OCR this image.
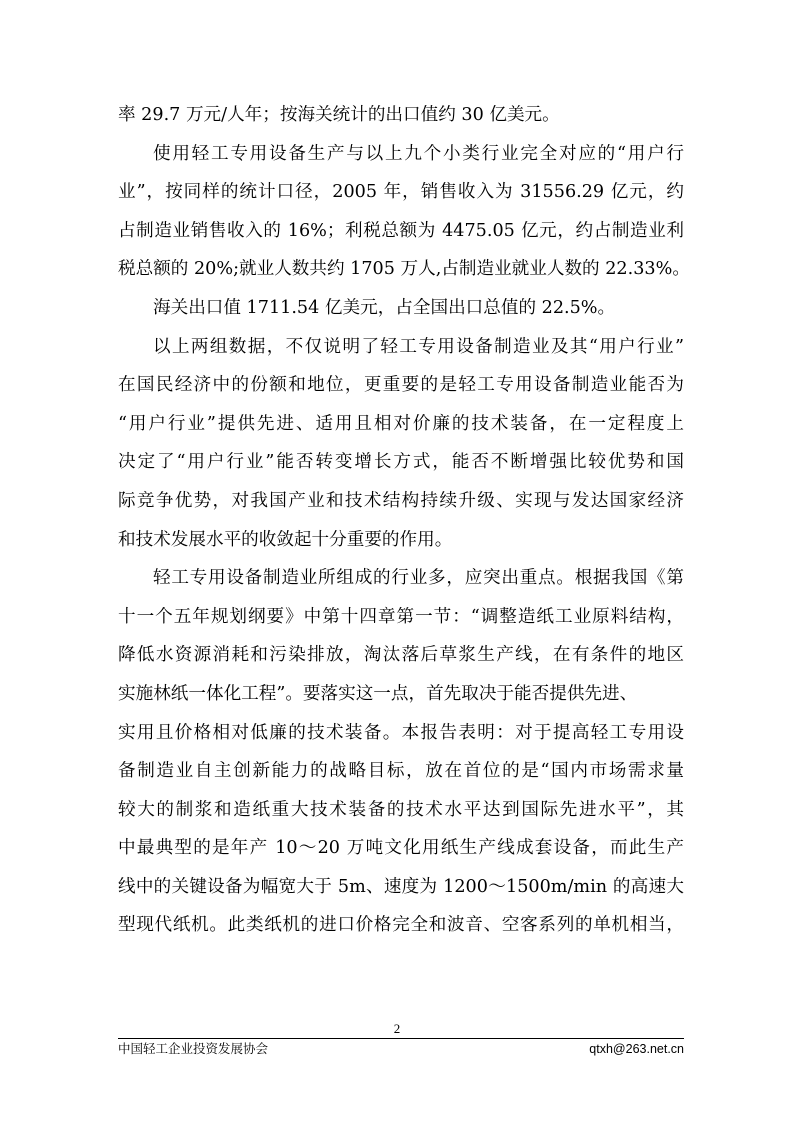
率 29.7 万元/人年；按海关统计的出口值约 30 亿美元。
使用轻工专用设备生产与以上九个小类行业完全对应的“用户行
业”，按同样的统计口径，2005 年，销售收入为 31556.29 亿元，约
占制造业销售收入的 16%；利税总额为 4475.05 亿元，约占制造业利
税总额的 20%;就业人数共约 1705 万人,占制造业就业人数的 22.33%。
海关出口值 1711.54 亿美元，占全国出口总值的 22.5%。
以上两组数据，不仅说明了轻工专用设备制造业及其“用户行业”
在国民经济中的份额和地位，更重要的是轻工专用设备制造业能否为
“用户行业”提供先进、适用且相对价廉的技术装备，在一定程度上
决定了“用户行业”能否转变增长方式，能否不断增强比较优势和国
际竞争优势，对我国产业和技术结构持续升级、实现与发达国家经济
和技术发展水平的收敛起十分重要的作用。
轻工专用设备制造业所组成的行业多，应突出重点。根据我国《第
十一个五年规划纲要》中第十四章第一节：“调整造纸工业原料结构，
降低水资源消耗和污染排放，淘汰落后草浆生产线，在有条件的地区
实施林纸一体化工程”。要落实这一点，首先取决于能否提供先进、
实用且价格相对低廉的技术装备。本报告表明：对于提高轻工专用设
备制造业自主创新能力的战略目标，放在首位的是“国内市场需求量
较大的制浆和造纸重大技术装备的技术水平达到国际先进水平”，其
中最典型的是年产 10～20 万吨文化用纸生产线成套设备，而此生产
线中的关键设备为幅宽大于 5m、速度为 1200～1500m/min 的高速大
型现代纸机。此类纸机的进口价格完全和波音、空客系列的单机相当，
2
中国轻工企业投资发展协会	qtxh@263.net.cn
